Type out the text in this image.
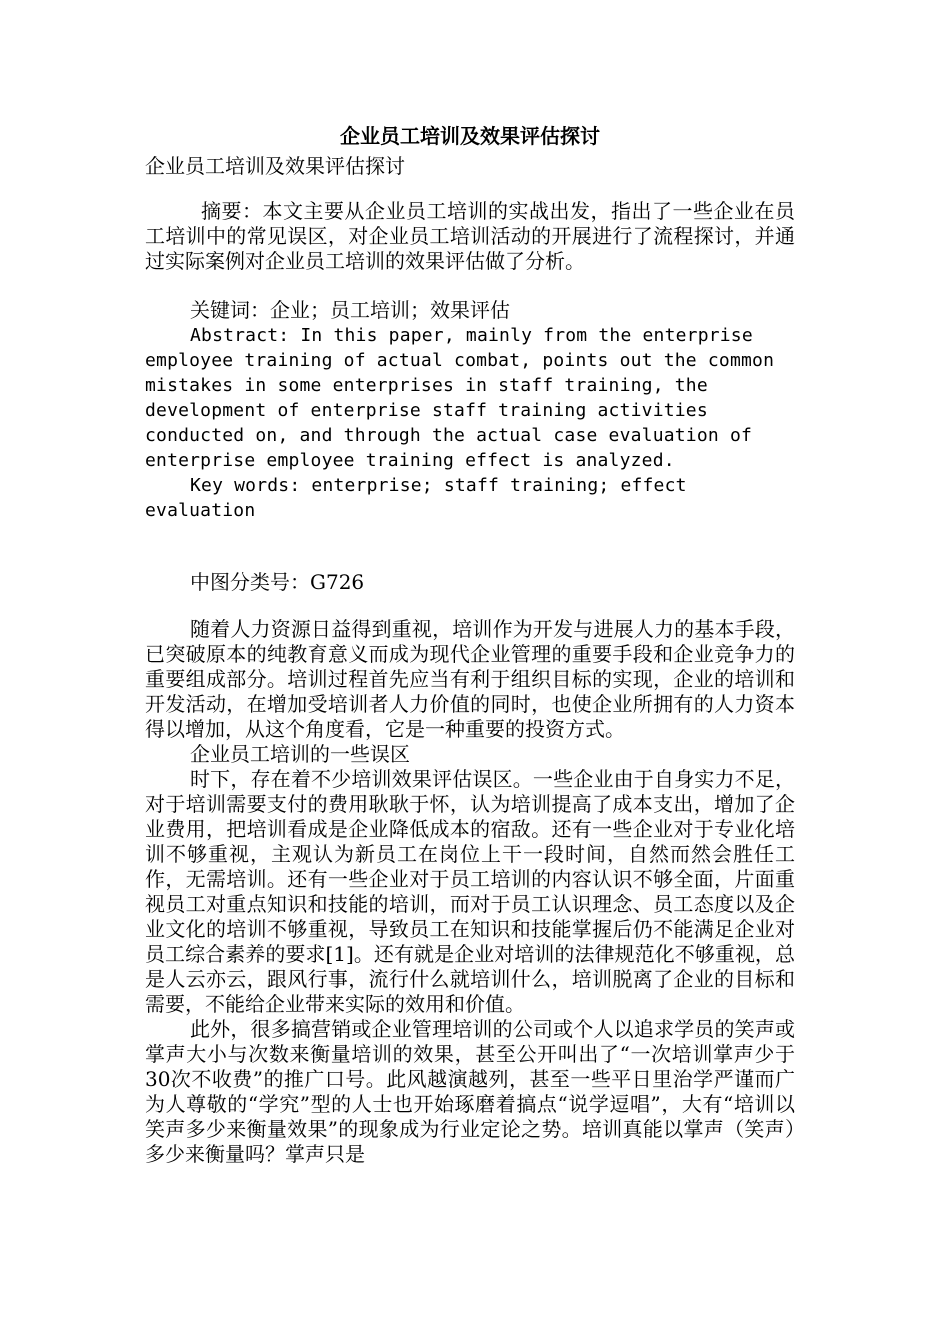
企业员工培训及效果评估探讨

企业员工培训及效果评估探讨

摘要：本文主要从企业员工培训的实战出发，指出了一些企业在员工培训中的常见误区，对企业员工培训活动的开展进行了流程探讨，并通过实际案例对企业员工培训的效果评估做了分析。

关键词：企业；员工培训；效果评估

Abstract: In this paper, mainly from the enterprise employee training of actual combat, points out the common mistakes in some enterprises in staff training, the development of enterprise staff training activities conducted on, and through the actual case evaluation of enterprise employee training effect is analyzed.

Key words: enterprise; staff training; effect evaluation

中图分类号：G726

随着人力资源日益得到重视，培训作为开发与进展人力的基本手段，已突破原本的纯教育意义而成为现代企业管理的重要手段和企业竞争力的重要组成部分。培训过程首先应当有利于组织目标的实现，企业的培训和开发活动，在增加受培训者人力价值的同时，也使企业所拥有的人力资本得以增加，从这个角度看，它是一种重要的投资方式。

企业员工培训的一些误区

时下，存在着不少培训效果评估误区。一些企业由于自身实力不足，对于培训需要支付的费用耿耿于怀，认为培训提高了成本支出，增加了企业费用，把培训看成是企业降低成本的宿敌。还有一些企业对于专业化培训不够重视，主观认为新员工在岗位上干一段时间，自然而然会胜任工作，无需培训。还有一些企业对于员工培训的内容认识不够全面，片面重视员工对重点知识和技能的培训，而对于员工认识理念、员工态度以及企业文化的培训不够重视，导致员工在知识和技能掌握后仍不能满足企业对员工综合素养的要求[1]。还有就是企业对培训的法律规范化不够重视，总是人云亦云，跟风行事，流行什么就培训什么，培训脱离了企业的目标和需要，不能给企业带来实际的效用和价值。

此外，很多搞营销或企业管理培训的公司或个人以追求学员的笑声或掌声大小与次数来衡量培训的效果，甚至公开叫出了“一次培训掌声少于30次不收费”的推广口号。此风越演越列，甚至一些平日里治学严谨而广为人尊敬的“学究”型的人士也开始琢磨着搞点“说学逗唱”，大有“培训以笑声多少来衡量效果”的现象成为行业定论之势。培训真能以掌声（笑声）多少来衡量吗？掌声只是
